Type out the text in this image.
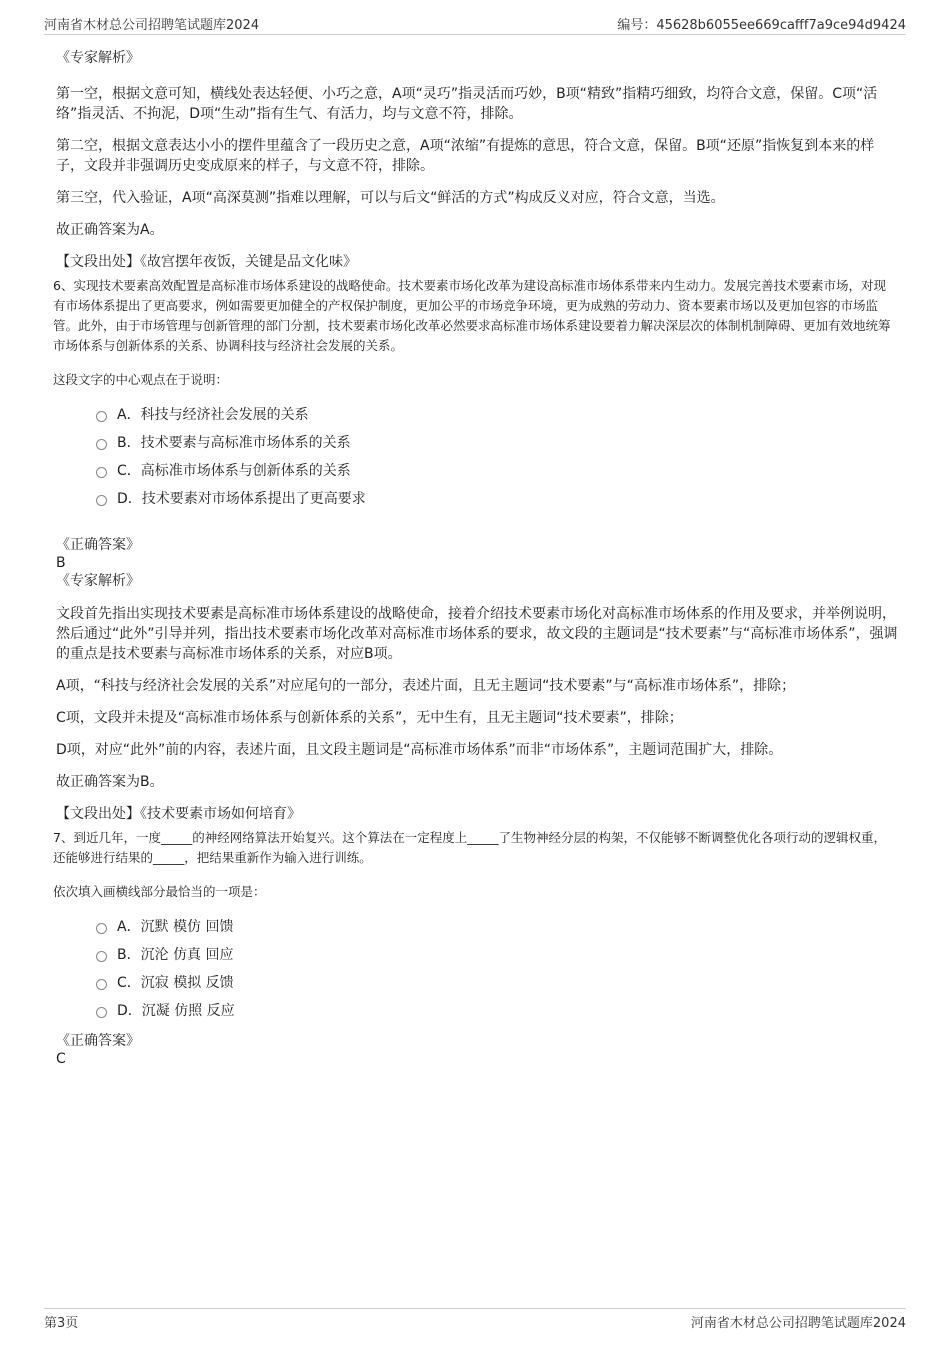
河南省木材总公司招聘笔试题库2024	编号：45628b6055ee669cafff7a9ce94d9424

《专家解析》

第一空，根据文意可知，横线处表达轻便、小巧之意，A项“灵巧”指灵活而巧妙，B项“精致”指精巧细致，均符合文意，保留。C项“活络”指灵活、不拘泥，D项“生动”指有生气、有活力，均与文意不符，排除。

第二空，根据文意表达小小的摆件里蕴含了一段历史之意，A项“浓缩”有提炼的意思，符合文意，保留。B项“还原”指恢复到本来的样子，文段并非强调历史变成原来的样子，与文意不符，排除。

第三空，代入验证，A项“高深莫测”指难以理解，可以与后文“鲜活的方式”构成反义对应，符合文意，当选。

故正确答案为A。

【文段出处】《故宫摆年夜饭，关键是品文化味》

6、实现技术要素高效配置是高标准市场体系建设的战略使命。技术要素市场化改革为建设高标准市场体系带来内生动力。发展完善技术要素市场，对现有市场体系提出了更高要求，例如需要更加健全的产权保护制度，更加公平的市场竞争环境，更为成熟的劳动力、资本要素市场以及更加包容的市场监管。此外，由于市场管理与创新管理的部门分割，技术要素市场化改革必然要求高标准市场体系建设要着力解决深层次的体制机制障碍、更加有效地统筹市场体系与创新体系的关系、协调科技与经济社会发展的关系。

这段文字的中心观点在于说明：

A．科技与经济社会发展的关系
B．技术要素与高标准市场体系的关系
C．高标准市场体系与创新体系的关系
D．技术要素对市场体系提出了更高要求

《正确答案》

B

《专家解析》

文段首先指出实现技术要素是高标准市场体系建设的战略使命，接着介绍技术要素市场化对高标准市场体系的作用及要求，并举例说明，然后通过“此外”引导并列，指出技术要素市场化改革对高标准市场体系的要求，故文段的主题词是“技术要素”与“高标准市场体系”，强调的重点是技术要素与高标准市场体系的关系，对应B项。

A项，“科技与经济社会发展的关系”对应尾句的一部分，表述片面，且无主题词“技术要素”与“高标准市场体系”，排除；

C项，文段并未提及“高标准市场体系与创新体系的关系”，无中生有，且无主题词“技术要素”，排除；

D项，对应“此外”前的内容，表述片面，且文段主题词是“高标准市场体系”而非“市场体系”，主题词范围扩大，排除。

故正确答案为B。

【文段出处】《技术要素市场如何培育》

7、到近几年，一度_____的神经网络算法开始复兴。这个算法在一定程度上_____了生物神经分层的构架，不仅能够不断调整优化各项行动的逻辑权重，还能够进行结果的_____，把结果重新作为输入进行训练。

依次填入画横线部分最恰当的一项是：

A．沉默 模仿 回馈
B．沉沦 仿真 回应
C．沉寂 模拟 反馈
D．沉凝 仿照 反应

《正确答案》

C

第3页	河南省木材总公司招聘笔试题库2024
